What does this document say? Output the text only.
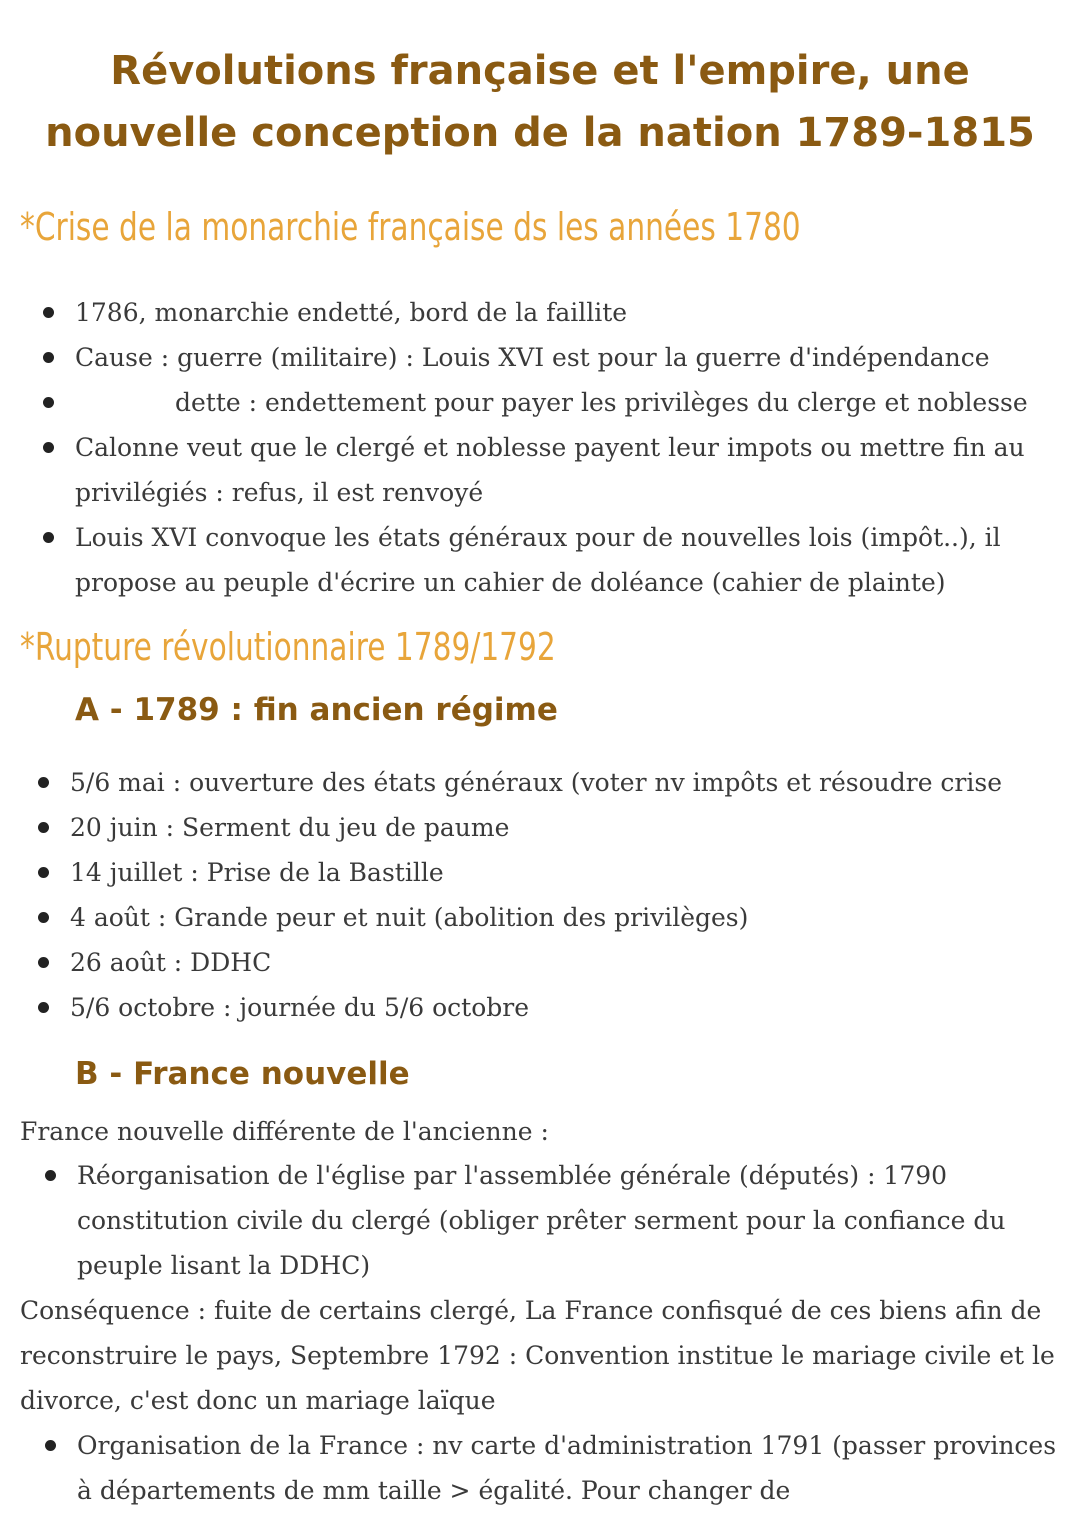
Révolutions française et l'empire, une
nouvelle conception de la nation 1789-1815
*Crise de la monarchie française ds les années 1780
1786, monarchie endetté, bord de la faillite
Cause : guerre (militaire) : Louis XVI est pour la guerre d'indépendance
dette : endettement pour payer les privilèges du clerge et noblesse
Calonne veut que le clergé et noblesse payent leur impots ou mettre fin au privilégiés : refus, il est renvoyé
Louis XVI convoque les états généraux pour de nouvelles lois (impôt..), il propose au peuple d'écrire un cahier de doléance (cahier de plainte)
*Rupture révolutionnaire 1789/1792
A - 1789 : fin ancien régime
5/6 mai : ouverture des états généraux (voter nv impôts et résoudre crise
20 juin : Serment du jeu de paume
14 juillet : Prise de la Bastille
4 août : Grande peur et nuit (abolition des privilèges)
26 août : DDHC
5/6 octobre : journée du 5/6 octobre
B - France nouvelle

France nouvelle différente de l'ancienne :

Réorganisation de l'église par l'assemblée générale (députés) : 1790 constitution civile du clergé (obliger prêter serment pour la confiance du peuple lisant la DDHC)

Conséquence : fuite de certains clergé, La France confisqué de ces biens afin de reconstruire le pays, Septembre 1792 : Convention institue le mariage civile et le divorce, c'est donc un mariage laïque

Organisation de la France : nv carte d'administration 1791 (passer provinces à départements de mm taille > égalité. Pour changer de
